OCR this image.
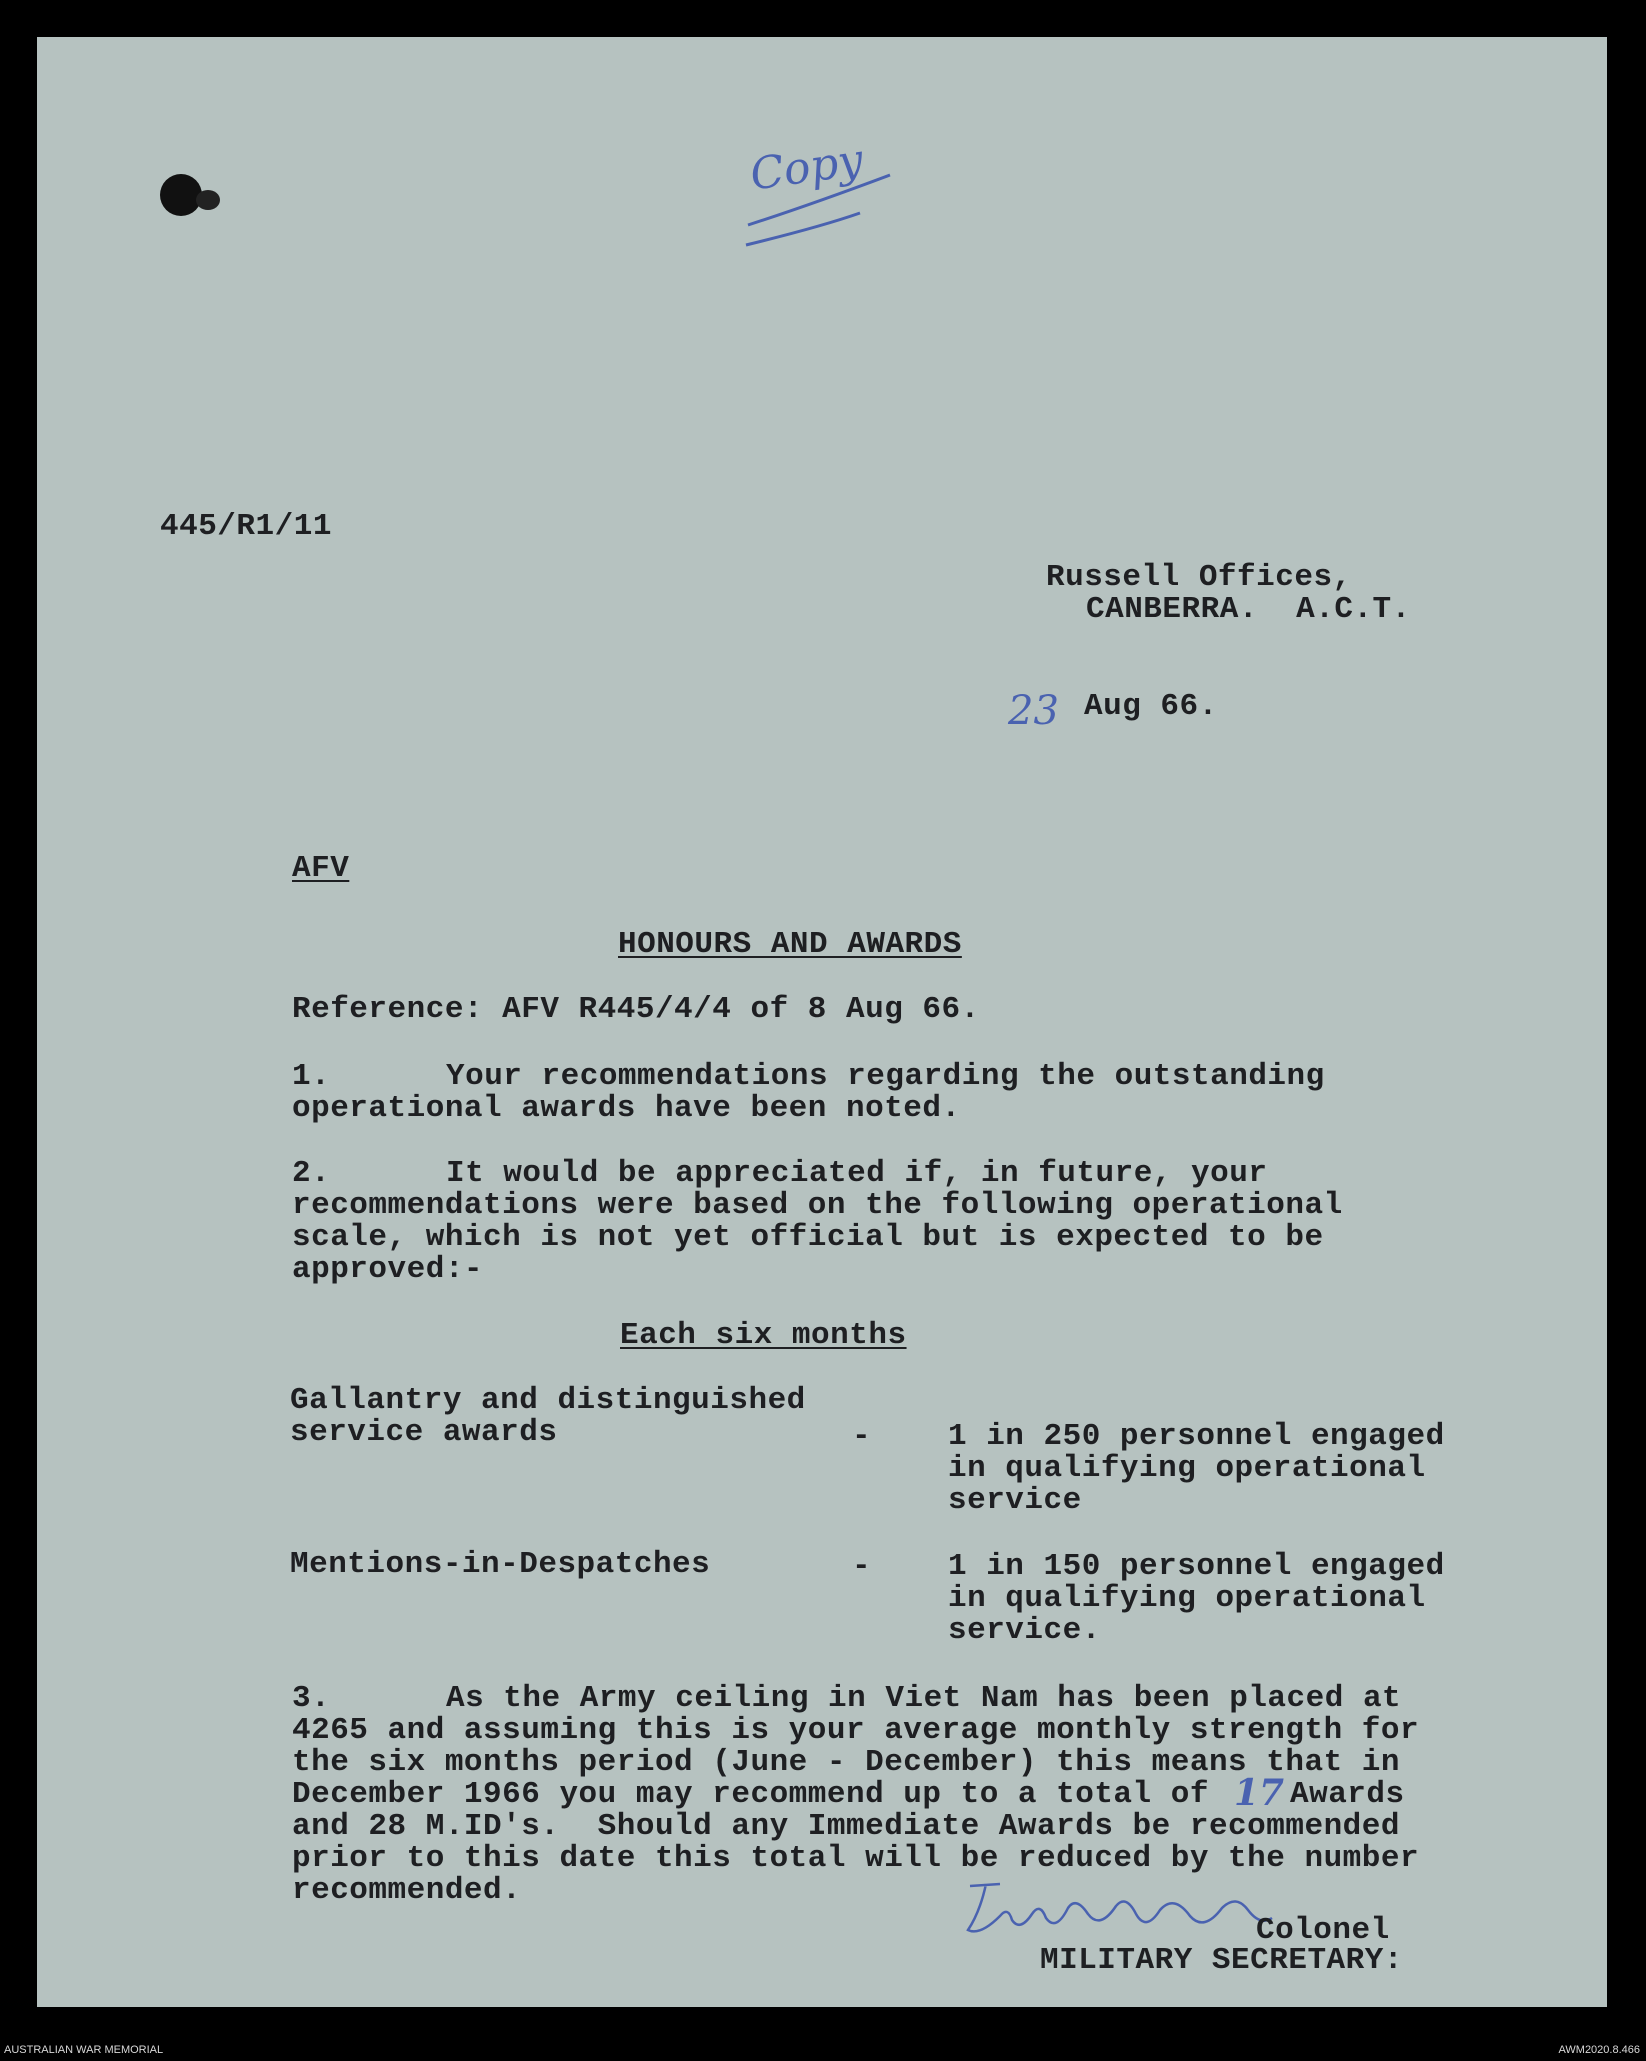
Copy
445/R1/11
Russell Offices,
CANBERRA.  A.C.T.
23 Aug 66.
AFV
HONOURS AND AWARDS
Reference: AFV R445/4/4 of 8 Aug 66.
1.	Your recommendations regarding the outstanding
operational awards have been noted.
2.	It would be appreciated if, in future, your
recommendations were based on the following operational
scale, which is not yet official but is expected to be
approved:-
Each six months
Gallantry and distinguished
service awards	- 1 in 250 personnel engaged
in qualifying operational
service
Mentions-in-Despatches	- 1 in 150 personnel engaged
in qualifying operational
service.
3.	As the Army ceiling in Viet Nam has been placed at
4265 and assuming this is your average monthly strength for
the six months period (June - December) this means that in
December 1966 you may recommend up to a total of 17 Awards
and 28 M.ID's.  Should any Immediate Awards be recommended
prior to this date this total will be reduced by the number
recommended.
Colonel
MILITARY SECRETARY:
AUSTRALIAN WAR MEMORIAL	AWM2020.8.466
